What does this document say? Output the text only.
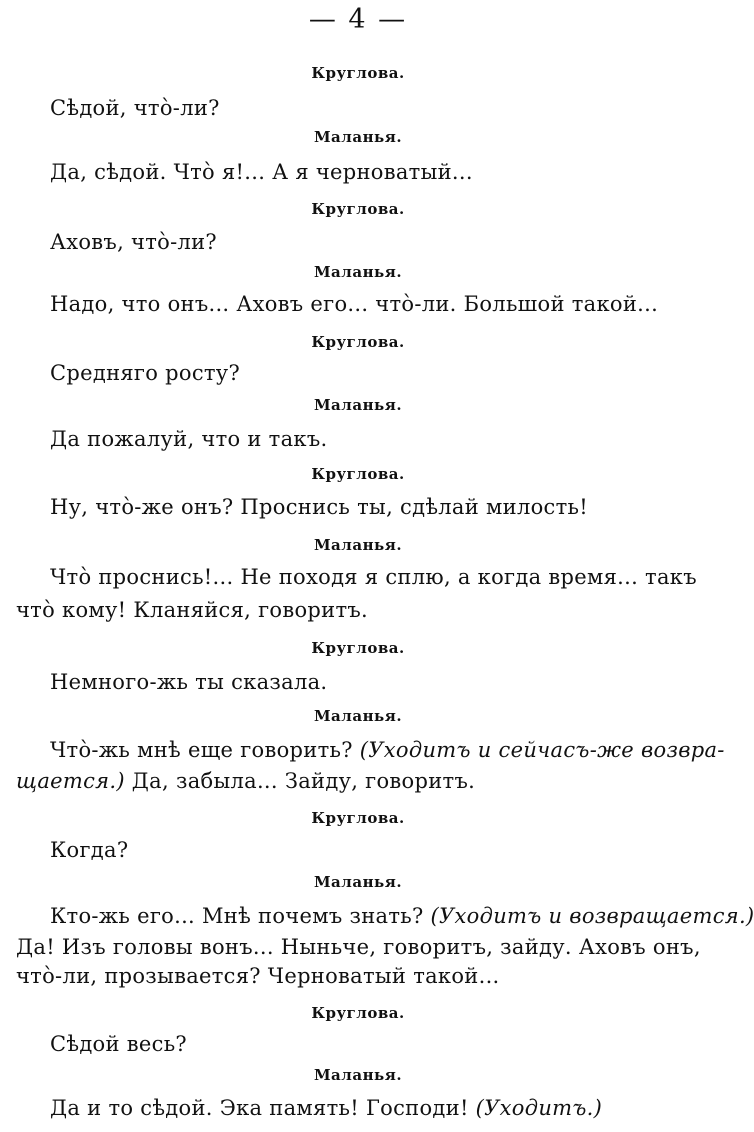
— 4 —
Круглова.
Сѣдой, что̀-ли?
Маланья.
Да, сѣдой. Что̀ я!... А я черноватый...
Круглова.
Аховъ, что̀-ли?
Маланья.
Надо, что онъ... Аховъ его... что̀-ли. Большой такой...
Круглова.
Средняго росту?
Маланья.
Да пожалуй, что и такъ.
Круглова.
Ну, что̀-же онъ? Проснись ты, сдѣлай милость!
Маланья.
Что̀ проснись!... Не походя я сплю, а когда время... такъ
что̀ кому! Кланяйся, говоритъ.
Круглова.
Немного-жь ты сказала.
Маланья.
Что̀-жь мнѣ еще говорить? (Уходитъ и сейчасъ-же возвра-
щается.) Да, забыла... Зайду, говоритъ.
Круглова.
Когда?
Маланья.
Кто-жь его... Мнѣ почемъ знать? (Уходитъ и возвращается.)
Да! Изъ головы вонъ... Ныньче, говоритъ, зайду. Аховъ онъ,
что̀-ли, прозывается? Черноватый такой...
Круглова.
Сѣдой весь?
Маланья.
Да и то сѣдой. Эка память! Господи! (Уходитъ.)
